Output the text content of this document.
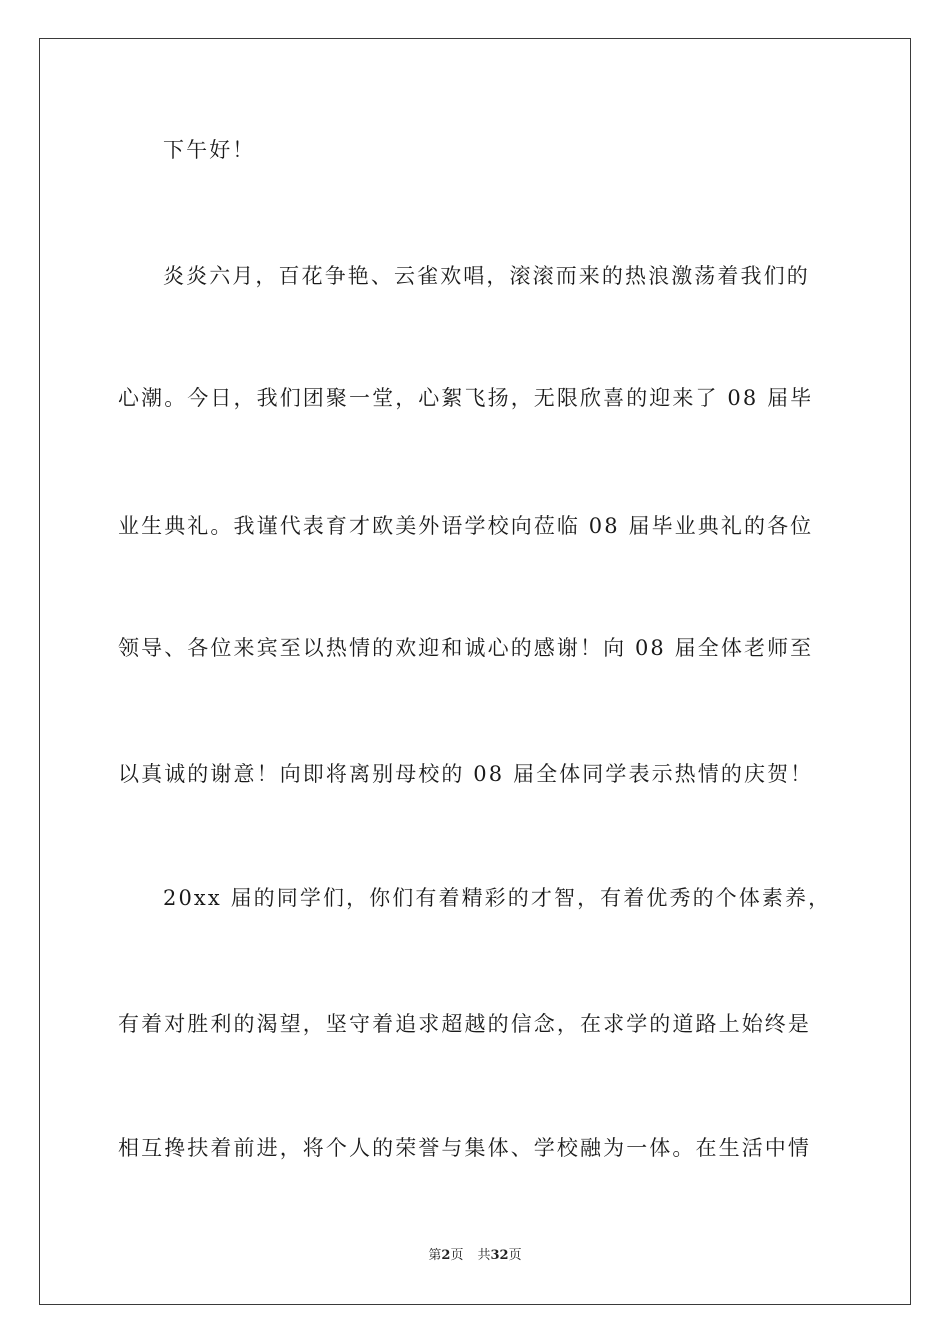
下午好！
炎炎六月，百花争艳、云雀欢唱，滚滚而来的热浪激荡着我们的
心潮。今日，我们团聚一堂，心絮飞扬，无限欣喜的迎来了 08 届毕
业生典礼。我谨代表育才欧美外语学校向莅临 08 届毕业典礼的各位
领导、各位来宾至以热情的欢迎和诚心的感谢！向 08 届全体老师至
以真诚的谢意！向即将离别母校的 08 届全体同学表示热情的庆贺！
20xx 届的同学们，你们有着精彩的才智，有着优秀的个体素养，
有着对胜利的渴望，坚守着追求超越的信念，在求学的道路上始终是
相互搀扶着前进，将个人的荣誉与集体、学校融为一体。在生活中情
第2页 共32页
